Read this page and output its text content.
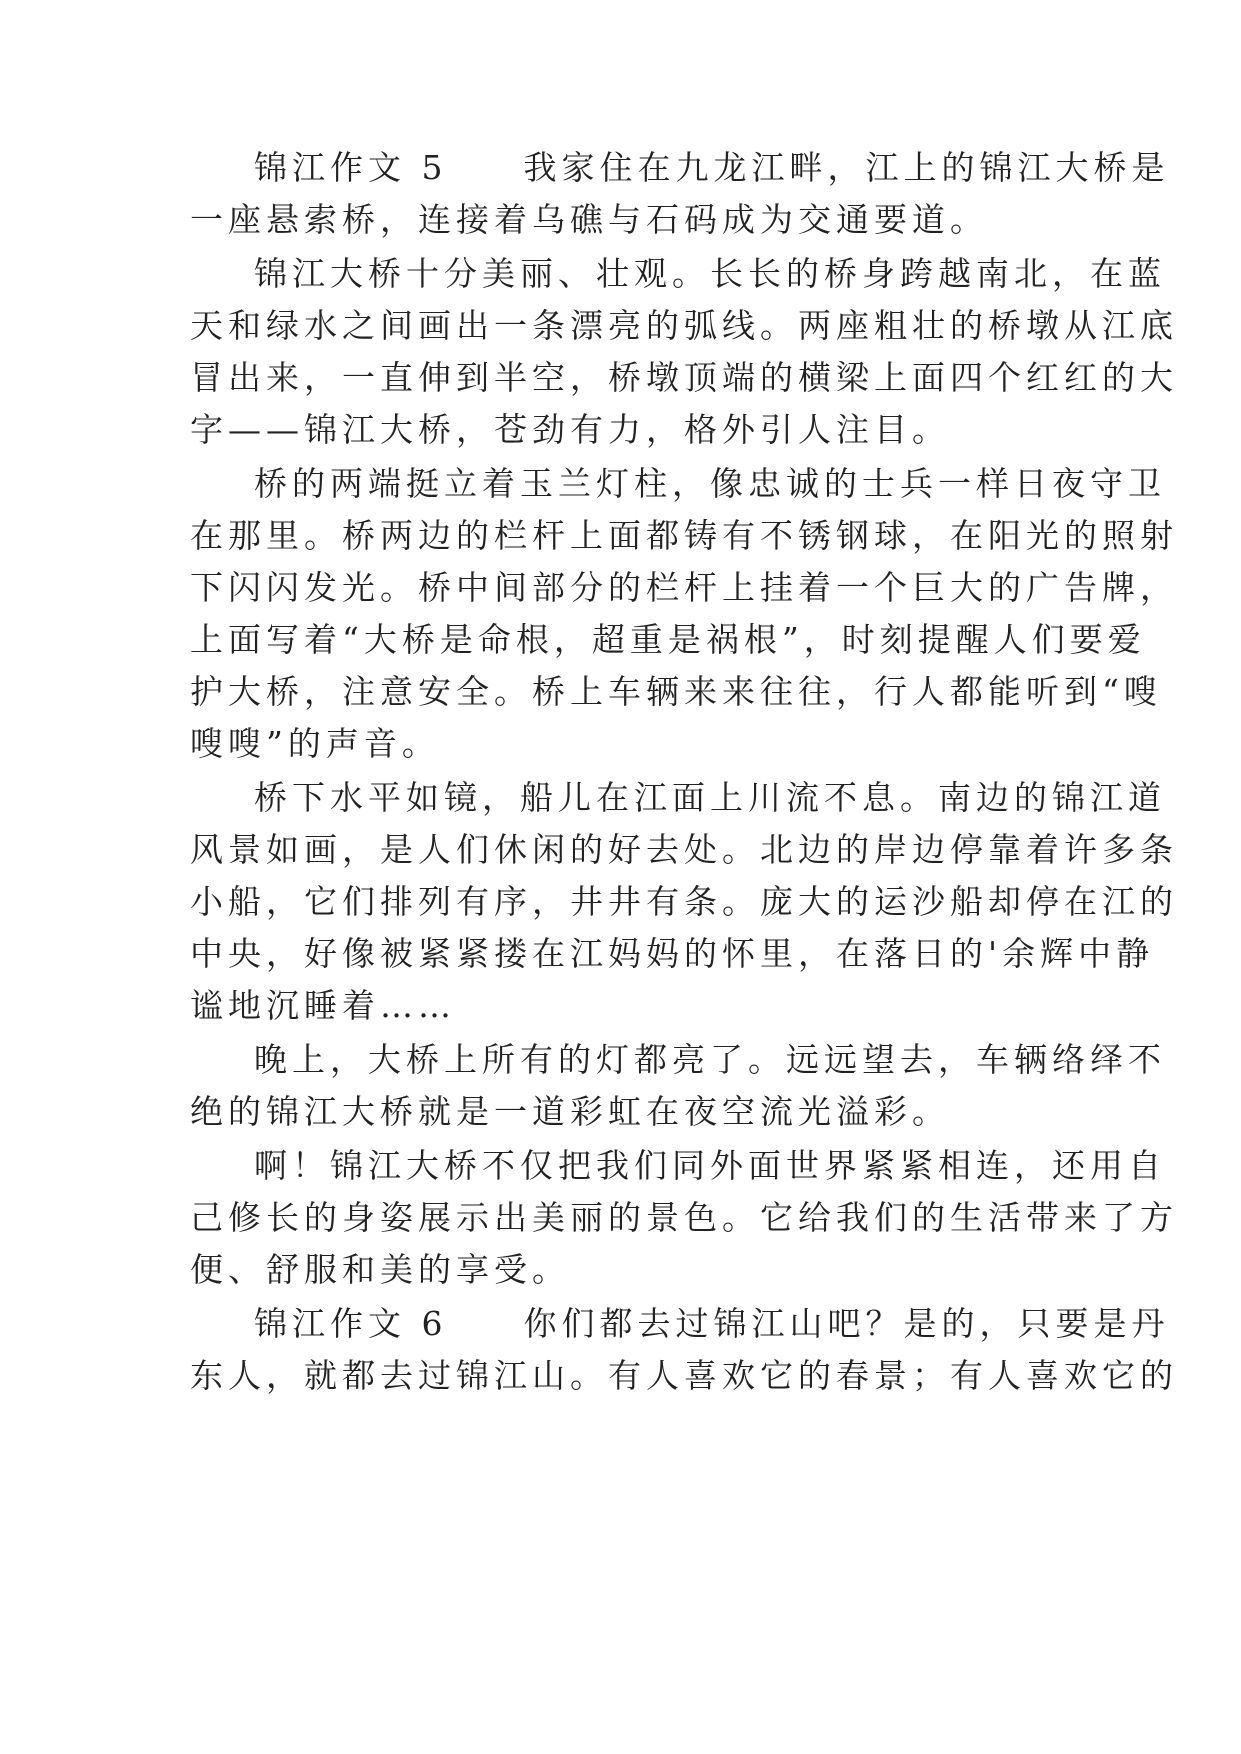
锦江作文 5　　我家住在九龙江畔，江上的锦江大桥是
一座悬索桥，连接着乌礁与石码成为交通要道。
锦江大桥十分美丽、壮观。长长的桥身跨越南北，在蓝
天和绿水之间画出一条漂亮的弧线。两座粗壮的桥墩从江底
冒出来，一直伸到半空，桥墩顶端的横梁上面四个红红的大
字——锦江大桥，苍劲有力，格外引人注目。
桥的两端挺立着玉兰灯柱，像忠诚的士兵一样日夜守卫
在那里。桥两边的栏杆上面都铸有不锈钢球，在阳光的照射
下闪闪发光。桥中间部分的栏杆上挂着一个巨大的广告牌，
上面写着“大桥是命根，超重是祸根”，时刻提醒人们要爱
护大桥，注意安全。桥上车辆来来往往，行人都能听到“嗖
嗖嗖”的声音。
桥下水平如镜，船儿在江面上川流不息。南边的锦江道
风景如画，是人们休闲的好去处。北边的岸边停靠着许多条
小船，它们排列有序，井井有条。庞大的运沙船却停在江的
中央，好像被紧紧搂在江妈妈的怀里，在落日的'余辉中静
谧地沉睡着……
晚上，大桥上所有的灯都亮了。远远望去，车辆络绎不
绝的锦江大桥就是一道彩虹在夜空流光溢彩。
啊！锦江大桥不仅把我们同外面世界紧紧相连，还用自
己修长的身姿展示出美丽的景色。它给我们的生活带来了方
便、舒服和美的享受。
锦江作文 6　　你们都去过锦江山吧？是的，只要是丹
东人，就都去过锦江山。有人喜欢它的春景；有人喜欢它的
